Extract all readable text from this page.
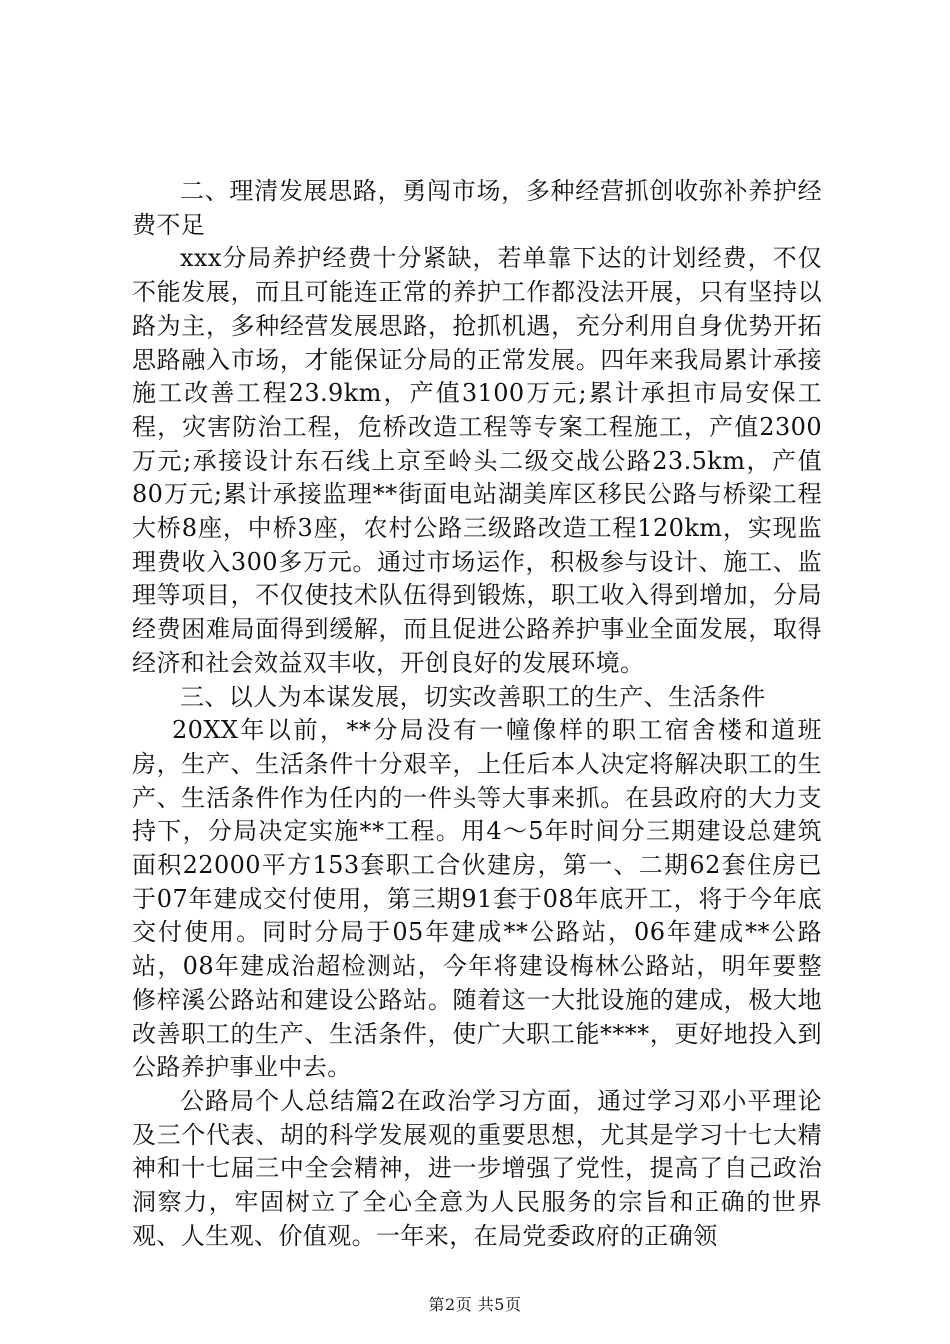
二、理清发展思路，勇闯市场，多种经营抓创收弥补养护经费不足

xxx分局养护经费十分紧缺，若单靠下达的计划经费，不仅不能发展，而且可能连正常的养护工作都没法开展，只有坚持以路为主，多种经营发展思路，抢抓机遇，充分利用自身优势开拓思路融入市场，才能保证分局的正常发展。四年来我局累计承接施工改善工程23.9km，产值3100万元;累计承担市局安保工程，灾害防治工程，危桥改造工程等专案工程施工，产值2300万元;承接设计东石线上京至岭头二级交战公路23.5km，产值80万元;累计承接监理**街面电站湖美库区移民公路与桥梁工程大桥8座，中桥3座，农村公路三级路改造工程120km，实现监理费收入300多万元。通过市场运作，积极参与设计、施工、监理等项目，不仅使技术队伍得到锻炼，职工收入得到增加，分局经费困难局面得到缓解，而且促进公路养护事业全面发展，取得经济和社会效益双丰收，开创良好的发展环境。

三、以人为本谋发展，切实改善职工的生产、生活条件

20XX年以前，**分局没有一幢像样的职工宿舍楼和道班房，生产、生活条件十分艰辛，上任后本人决定将解决职工的生产、生活条件作为任内的一件头等大事来抓。在县政府的大力支持下，分局决定实施**工程。用4～5年时间分三期建设总建筑面积22000平方153套职工合伙建房，第一、二期62套住房已于07年建成交付使用，第三期91套于08年底开工，将于今年底交付使用。同时分局于05年建成**公路站，06年建成**公路站，08年建成治超检测站，今年将建设梅林公路站，明年要整修梓溪公路站和建设公路站。随着这一大批设施的建成，极大地改善职工的生产、生活条件，使广大职工能****，更好地投入到公路养护事业中去。

公路局个人总结篇2在政治学习方面，通过学习邓小平理论及三个代表、胡的科学发展观的重要思想，尤其是学习十七大精神和十七届三中全会精神，进一步增强了党性，提高了自己政治洞察力，牢固树立了全心全意为人民服务的宗旨和正确的世界观、人生观、价值观。一年来，在局党委政府的正确领

第2页 共5页
